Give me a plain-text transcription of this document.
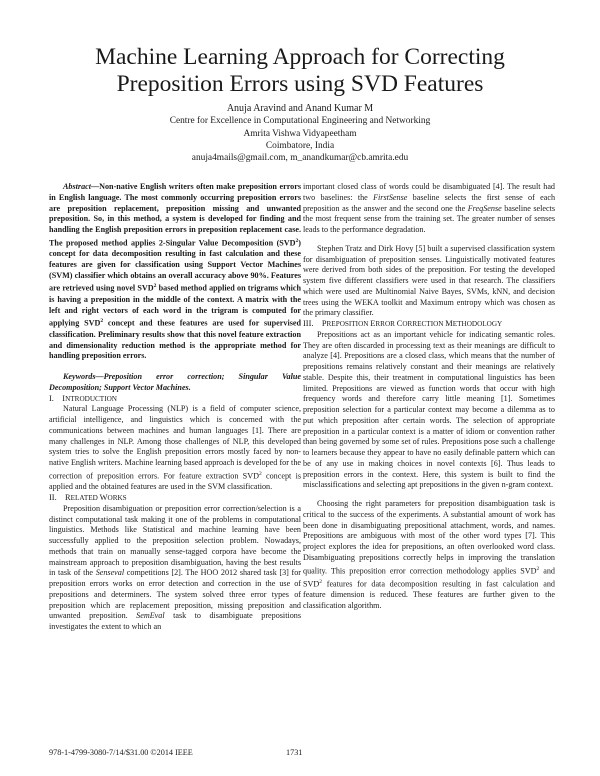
Machine Learning Approach for Correcting
Preposition Errors using SVD Features
Anuja Aravind and Anand Kumar M
Centre for Excellence in Computational Engineering and Networking
Amrita Vishwa Vidyapeetham
Coimbatore, India
anuja4mails@gmail.com, m_anandkumar@cb.amrita.edu

Abstract—Non-native English writers often make preposition errors in English language. The most commonly occurring preposition errors are preposition replacement, preposition missing and unwanted preposition. So, in this method, a system is developed for finding and handling the English preposition errors in preposition replacement case. The proposed method applies 2-Singular Value Decomposition (SVD$^2$) concept for data decomposition resulting in fast calculation and these features are given for classification using Support Vector Machines (SVM) classifier which obtains an overall accuracy above 90%. Features are retrieved using novel SVD$^2$ based method applied on trigrams which is having a preposition in the middle of the context. A matrix with the left and right vectors of each word in the trigram is computed for applying SVD$^2$ concept and these features are used for supervised classification. Preliminary results show that this novel feature extraction and dimensionality reduction method is the appropriate method for handling preposition errors.

Keywords—Preposition error correction; Singular Value Decomposition; Support Vector Machines.

I. INTRODUCTION

Natural Language Processing (NLP) is a field of computer science, artificial intelligence, and linguistics which is concerned with the communications between machines and human languages [1]. There are many challenges in NLP. Among those challenges of NLP, this developed system tries to solve the English preposition errors mostly faced by non-native English writers. Machine learning based approach is developed for the correction of preposition errors. For feature extraction SVD$^2$ concept is applied and the obtained features are used in the SVM classification.

II. RELATED WORKS

Preposition disambiguation or preposition error correction/selection is a distinct computational task making it one of the problems in computational linguistics. Methods like Statistical and machine learning have been successfully applied to the preposition selection problem. Nowadays, methods that train on manually sense-tagged corpora have become the mainstream approach to preposition disambiguation, having the best results in task of the Senseval competitions [2]. The HOO 2012 shared task [3] for preposition errors works on error detection and correction in the use of prepositions and determiners. The system solved three error types of preposition which are replacement preposition, missing preposition and unwanted preposition. SemEval task to disambiguate prepositions investigates the extent to which an

important closed class of words could be disambiguated [4]. The result had two baselines: the FirstSense baseline selects the first sense of each preposition as the answer and the second one the FreqSense baseline selects the most frequent sense from the training set. The greater number of senses leads to the performance degradation.

Stephen Tratz and Dirk Hovy [5] built a supervised classification system for disambiguation of preposition senses. Linguistically motivated features were derived from both sides of the preposition. For testing the developed system five different classifiers were used in that research. The classifiers which were used are Multinomial Naive Bayes, SVMs, kNN, and decision trees using the WEKA toolkit and Maximum entropy which was chosen as the primary classifier.

III. PREPOSITION ERROR CORRECTION METHODOLOGY

Prepositions act as an important vehicle for indicating semantic roles. They are often discarded in processing text as their meanings are difficult to analyze [4]. Prepositions are a closed class, which means that the number of prepositions remains relatively constant and their meanings are relatively stable. Despite this, their treatment in computational linguistics has been limited. Prepositions are viewed as function words that occur with high frequency words and therefore carry little meaning [1]. Sometimes preposition selection for a particular context may become a dilemma as to put which preposition after certain words. The selection of appropriate preposition in a particular context is a matter of idiom or convention rather than being governed by some set of rules. Prepositions pose such a challenge to learners because they appear to have no easily definable pattern which can be of any use in making choices in novel contexts [6]. Thus leads to preposition errors in the context. Here, this system is built to find the misclassifications and selecting apt prepositions in the given n-gram context.

Choosing the right parameters for preposition disambiguation task is critical to the success of the experiments. A substantial amount of work has been done in disambiguating prepositional attachment, words, and names. Prepositions are ambiguous with most of the other word types [7]. This project explores the idea for prepositions, an often overlooked word class. Disambiguating prepositions correctly helps in improving the translation quality. This preposition error correction methodology applies SVD$^2$ and SVD$^2$ features for data decomposition resulting in fast calculation and feature dimension is reduced. These features are further given to the classification algorithm.

978-1-4799-3080-7/14/$31.00 ©2014 IEEE	1731
